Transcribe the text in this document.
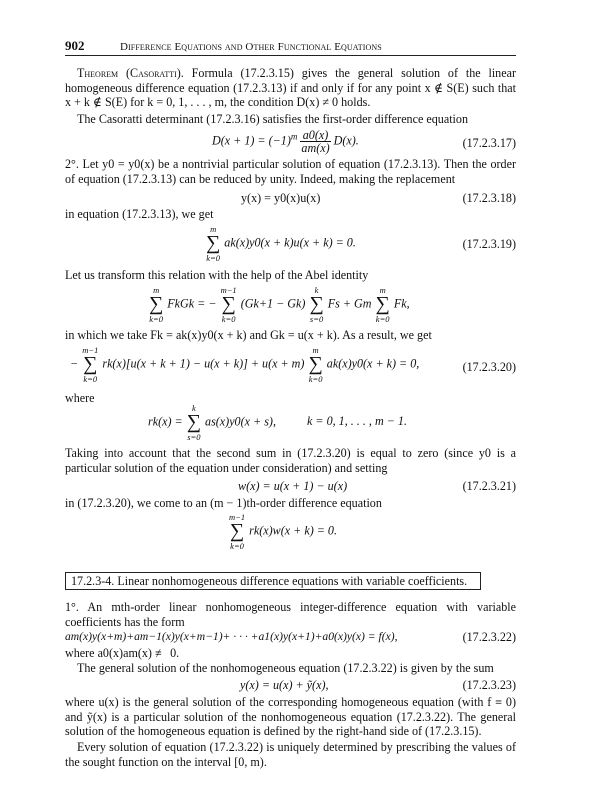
902	Difference Equations and Other Functional Equations
Theorem (Casoratti). Formula (17.2.3.15) gives the general solution of the linear homogeneous difference equation (17.2.3.13) if and only if for any point x ∉ S(E) such that x + k ∉ S(E) for k = 0, 1, . . . , m, the condition D(x) ≠ 0 holds.
The Casoratti determinant (17.2.3.16) satisfies the first-order difference equation
$D(x + 1) = (-1)^m \frac{a0(x)}{am(x)} D(x)$.	(17.2.3.17)
2°. Let y0 = y0(x) be a nontrivial particular solution of equation (17.2.3.13). Then the order of equation (17.2.3.13) can be reduced by unity. Indeed, making the replacement
y(x) = y0(x)u(x)	(17.2.3.18)
in equation (17.2.3.13), we get
m
∑
k=0
ak(x)y0(x + k)u(x + k) = 0.	(17.2.3.19)
Let us transform this relation with the help of the Abel identity
m
∑
k=0
FkGk = −
m−1
∑
k=0
(Gk+1 − Gk)
k
∑
s=0
Fs + Gm
m
∑
k=0
Fk,
in which we take Fk = ak(x)y0(x + k) and Gk = u(x + k). As a result, we get
−
m−1
∑
k=0
rk(x)[u(x + k + 1) − u(x + k)] + u(x + m)
m
∑
k=0
ak(x)y0(x + k) = 0,	(17.2.3.20)
where
rk(x) =
k
∑
s=0
as(x)y0(x + s),	k = 0, 1, . . . , m − 1.
Taking into account that the second sum in (17.2.3.20) is equal to zero (since y0 is a particular solution of the equation under consideration) and setting
w(x) = u(x + 1) − u(x)	(17.2.3.21)
in (17.2.3.20), we come to an (m − 1)th-order difference equation
m−1
∑
k=0
rk(x)w(x + k) = 0.
17.2.3-4. Linear nonhomogeneous difference equations with variable coefficients.
1°. An mth-order linear nonhomogeneous integer-difference equation with variable coefficients has the form
am(x)y(x+m)+am−1(x)y(x+m−1)+ · · · +a1(x)y(x+1)+a0(x)y(x) = f(x),	(17.2.3.22)
where a0(x)am(x) ≢ 0.
The general solution of the nonhomogeneous equation (17.2.3.22) is given by the sum
y(x) = u(x) + ỹ(x),	(17.2.3.23)
where u(x) is the general solution of the corresponding homogeneous equation (with f ≡ 0) and ỹ(x) is a particular solution of the nonhomogeneous equation (17.2.3.22). The general solution of the homogeneous equation is defined by the right-hand side of (17.2.3.15).
Every solution of equation (17.2.3.22) is uniquely determined by prescribing the values of the sought function on the interval [0, m).
